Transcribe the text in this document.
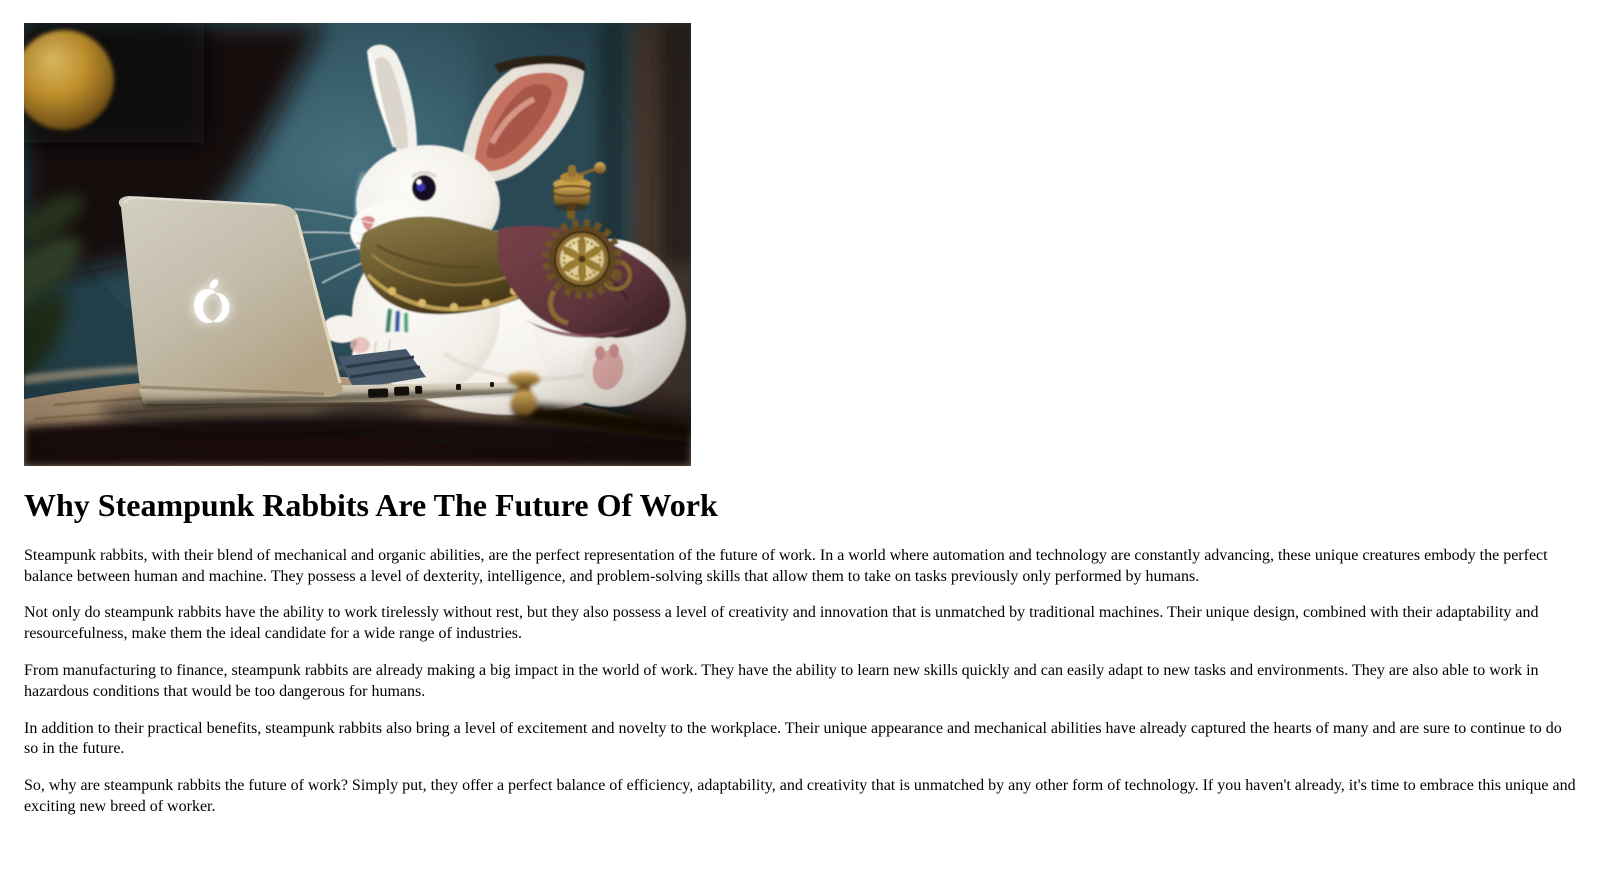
Why Steampunk Rabbits Are The Future Of Work

Steampunk rabbits, with their blend of mechanical and organic abilities, are the perfect representation of the future of work. In a world where automation and technology are constantly advancing, these unique creatures embody the perfect balance between human and machine. They possess a level of dexterity, intelligence, and problem-solving skills that allow them to take on tasks previously only performed by humans.

Not only do steampunk rabbits have the ability to work tirelessly without rest, but they also possess a level of creativity and innovation that is unmatched by traditional machines. Their unique design, combined with their adaptability and resourcefulness, make them the ideal candidate for a wide range of industries.

From manufacturing to finance, steampunk rabbits are already making a big impact in the world of work. They have the ability to learn new skills quickly and can easily adapt to new tasks and environments. They are also able to work in hazardous conditions that would be too dangerous for humans.

In addition to their practical benefits, steampunk rabbits also bring a level of excitement and novelty to the workplace. Their unique appearance and mechanical abilities have already captured the hearts of many and are sure to continue to do so in the future.

So, why are steampunk rabbits the future of work? Simply put, they offer a perfect balance of efficiency, adaptability, and creativity that is unmatched by any other form of technology. If you haven't already, it's time to embrace this unique and exciting new breed of worker.
